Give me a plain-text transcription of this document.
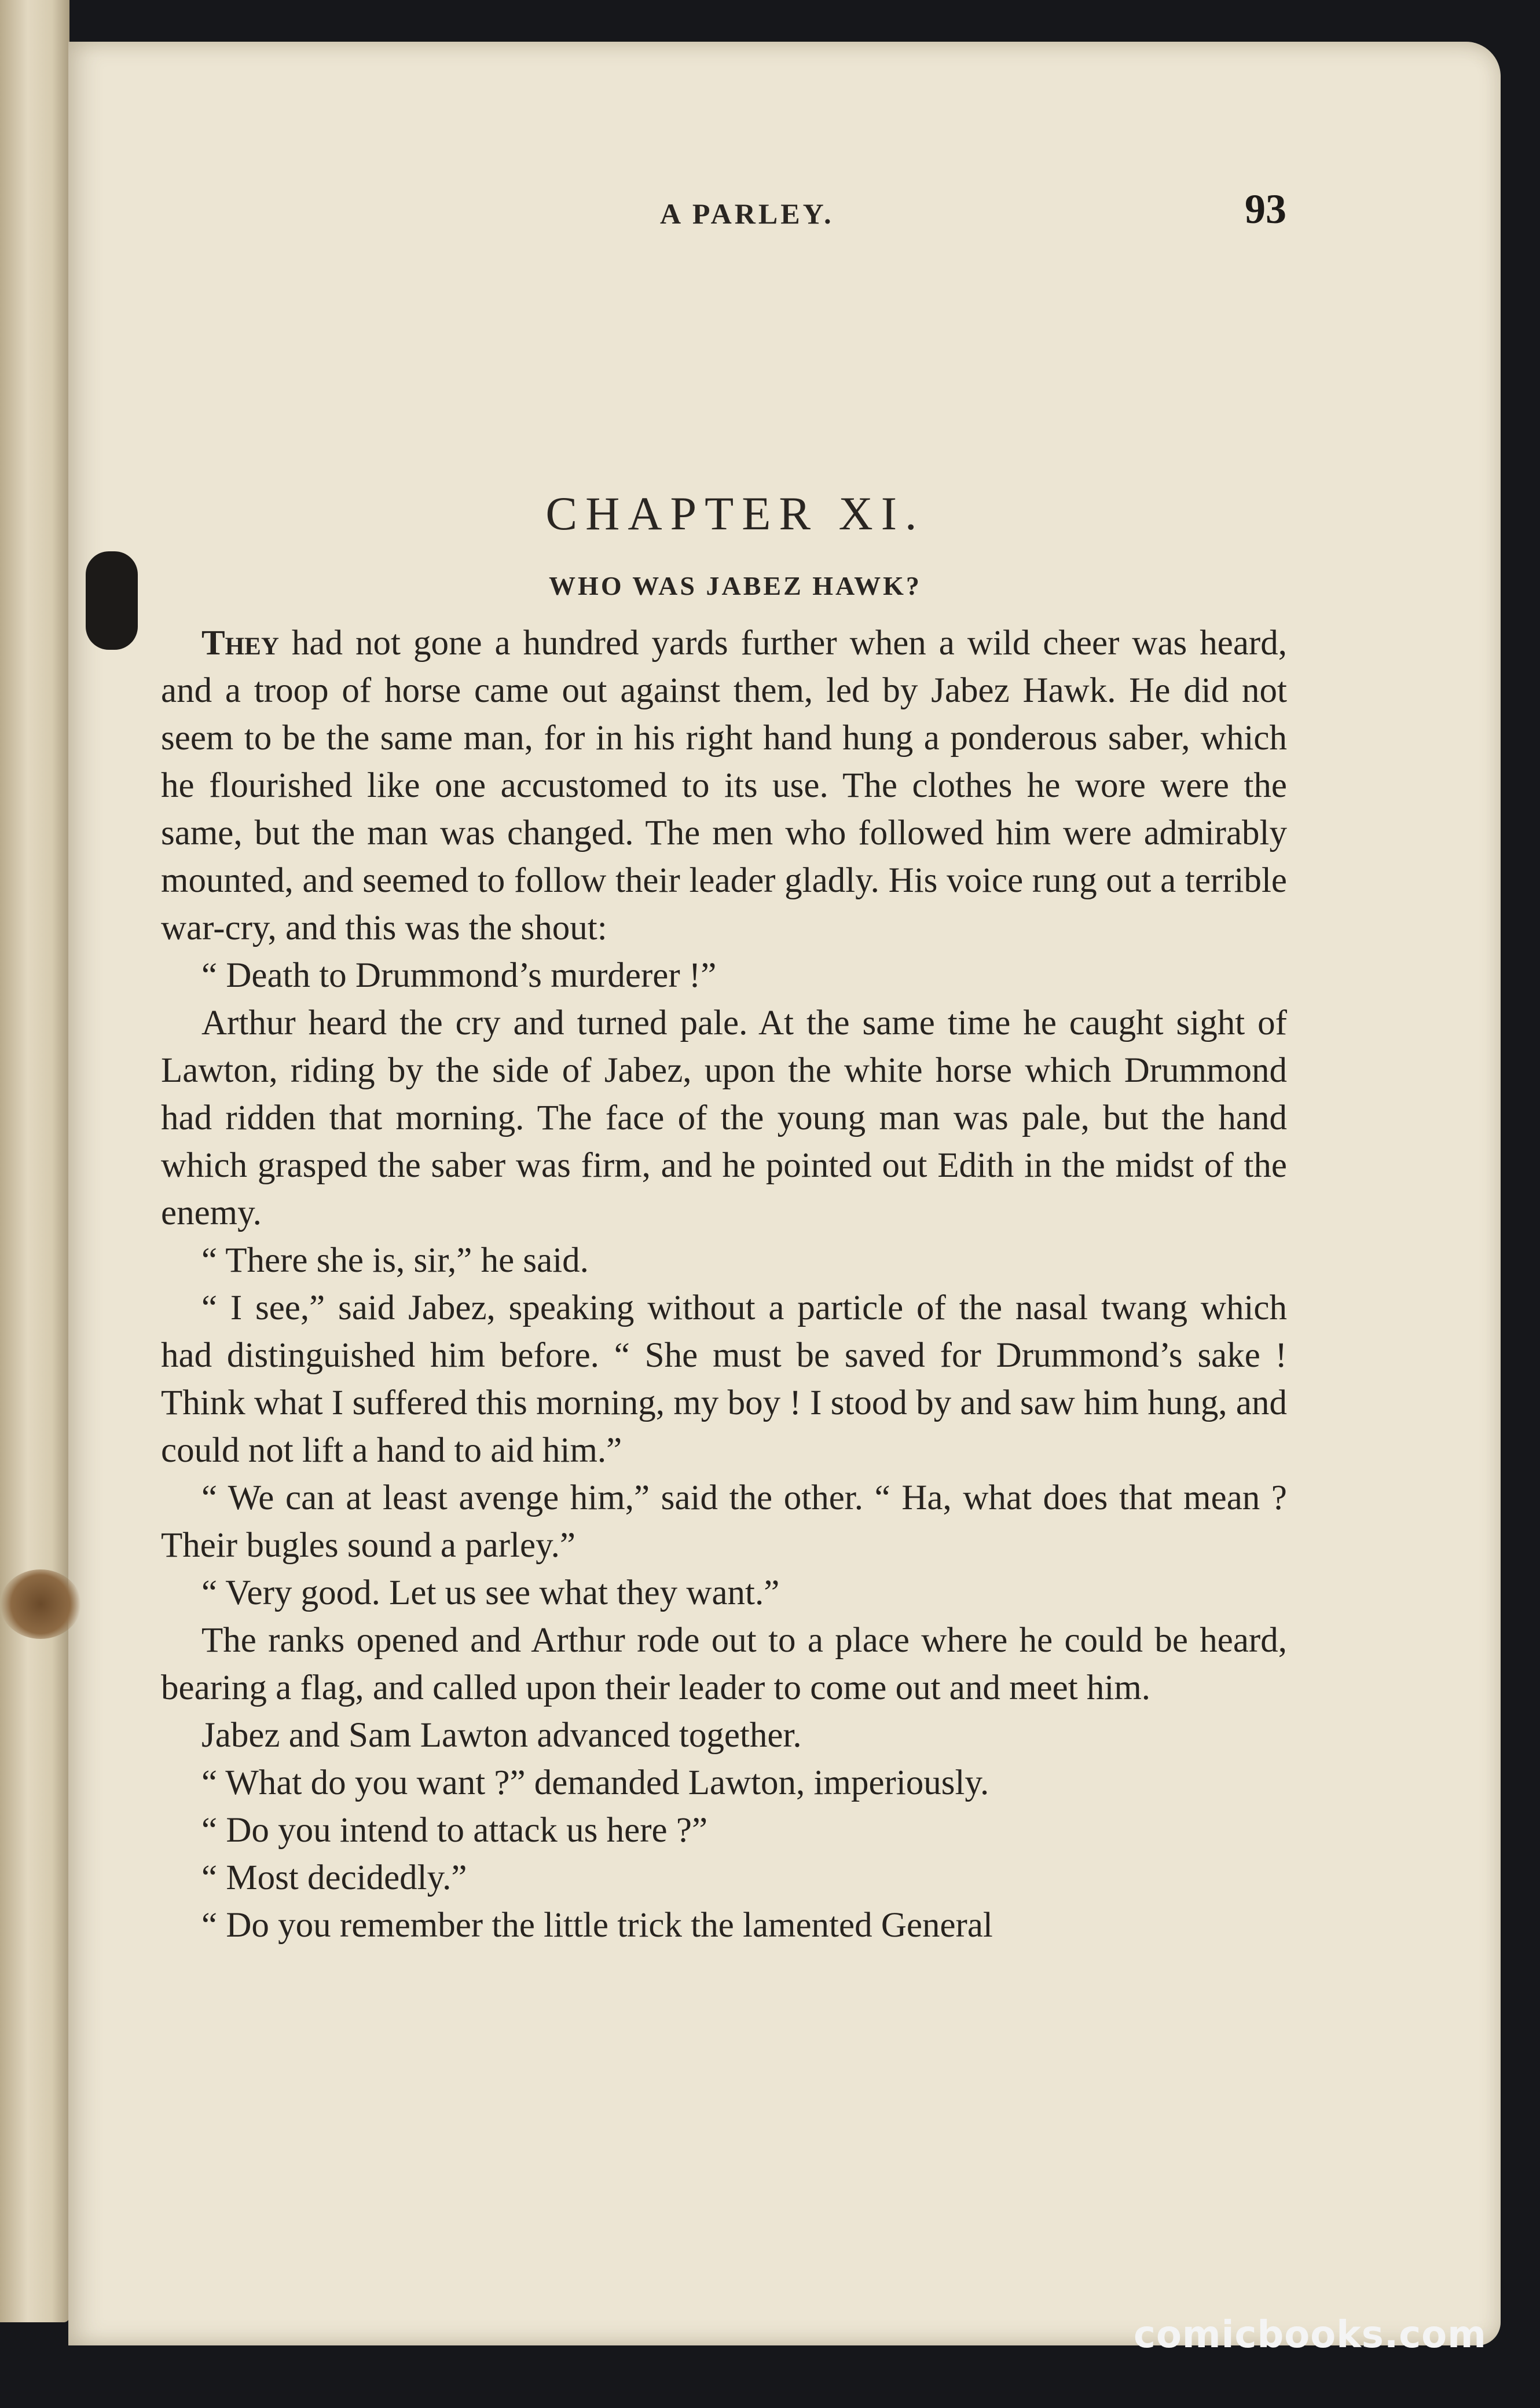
A PARLEY.	93
CHAPTER XI.
WHO WAS JABEZ HAWK?

They had not gone a hundred yards further when a wild cheer was heard, and a troop of horse came out against them, led by Jabez Hawk. He did not seem to be the same man, for in his right hand hung a ponderous saber, which he flourished like one accustomed to its use. The clothes he wore were the same, but the man was changed. The men who followed him were admirably mounted, and seemed to follow their leader gladly. His voice rung out a terrible war-cry, and this was the shout:

“ Death to Drummond’s murderer !”

Arthur heard the cry and turned pale. At the same time he caught sight of Lawton, riding by the side of Jabez, upon the white horse which Drummond had ridden that morning. The face of the young man was pale, but the hand which grasped the saber was firm, and he pointed out Edith in the midst of the enemy.

“ There she is, sir,” he said.

“ I see,” said Jabez, speaking without a particle of the nasal twang which had distinguished him before. “ She must be saved for Drummond’s sake ! Think what I suffered this morning, my boy ! I stood by and saw him hung, and could not lift a hand to aid him.”

“ We can at least avenge him,” said the other. “ Ha, what does that mean ? Their bugles sound a parley.”

“ Very good. Let us see what they want.”

The ranks opened and Arthur rode out to a place where he could be heard, bearing a flag, and called upon their leader to come out and meet him.

Jabez and Sam Lawton advanced together.

“ What do you want ?” demanded Lawton, imperiously.

“ Do you intend to attack us here ?”

“ Most decidedly.”

“ Do you remember the little trick the lamented General

comicbooks.com
